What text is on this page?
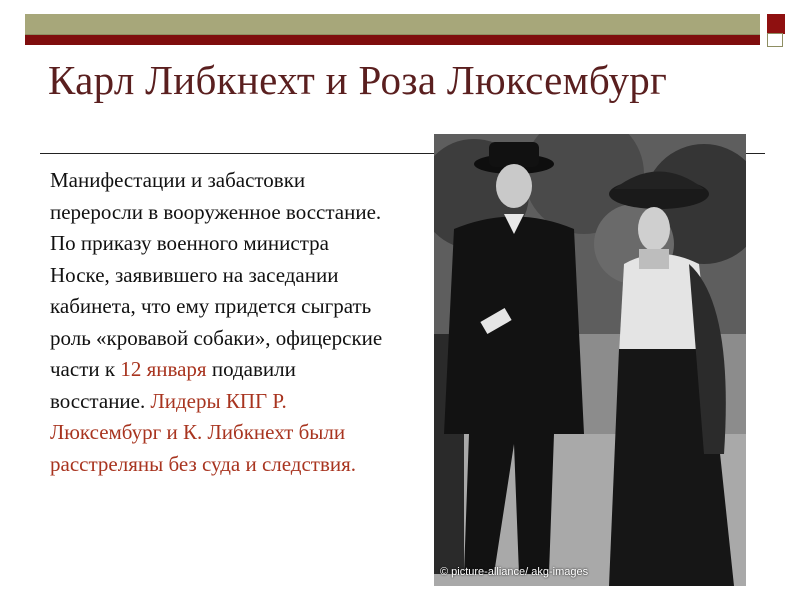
Карл Либкнехт и Роза Люксембург

Манифестации и забастовки переросли в вооруженное восстание. По приказу военного министра Носке, заявившего на заседании кабинета, что ему придется сыграть роль «кровавой собаки», офицерские части к 12 января подавили восстание. Лидеры КПГ Р. Люксембург и К. Либкнехт были расстреляны без суда и следствия.

© picture-alliance/ akg-images
